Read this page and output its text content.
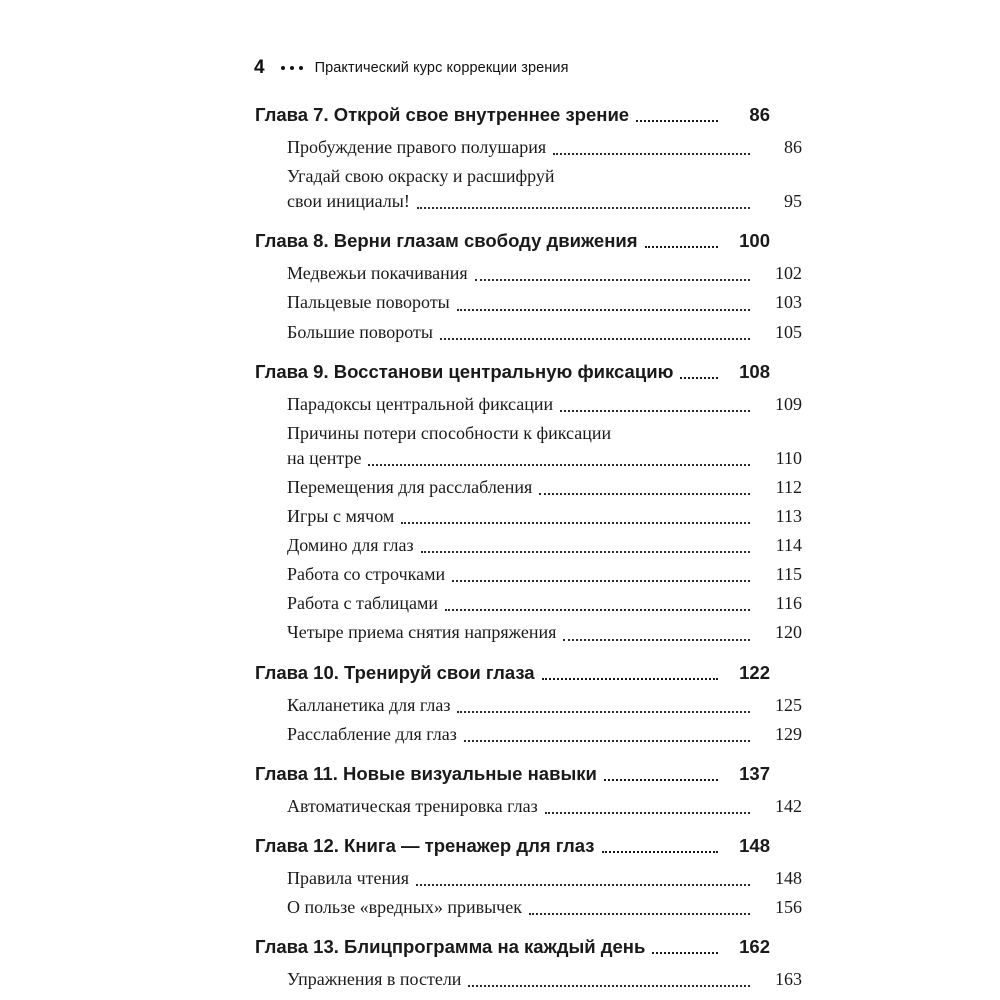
4	Практический курс коррекции зрения
Глава 7. Открой свое внутреннее зрение	86
Пробуждение правого полушария	86
Угадай свою окраску и расшифруй
свои инициалы!	95
Глава 8. Верни глазам свободу движения	100
Медвежьи покачивания	102
Пальцевые повороты	103
Большие повороты	105
Глава 9. Восстанови центральную фиксацию	108
Парадоксы центральной фиксации	109
Причины потери способности к фиксации
на центре	110
Перемещения для расслабления	112
Игры с мячом	113
Домино для глаз	114
Работа со строчками	115
Работа с таблицами	116
Четыре приема снятия напряжения	120
Глава 10. Тренируй свои глаза	122
Калланетика для глаз	125
Расслабление для глаз	129
Глава 11. Новые визуальные навыки	137
Автоматическая тренировка глаз	142
Глава 12. Книга — тренажер для глаз	148
Правила чтения	148
О пользе «вредных» привычек	156
Глава 13. Блицпрограмма на каждый день	162
Упражнения в постели	163
